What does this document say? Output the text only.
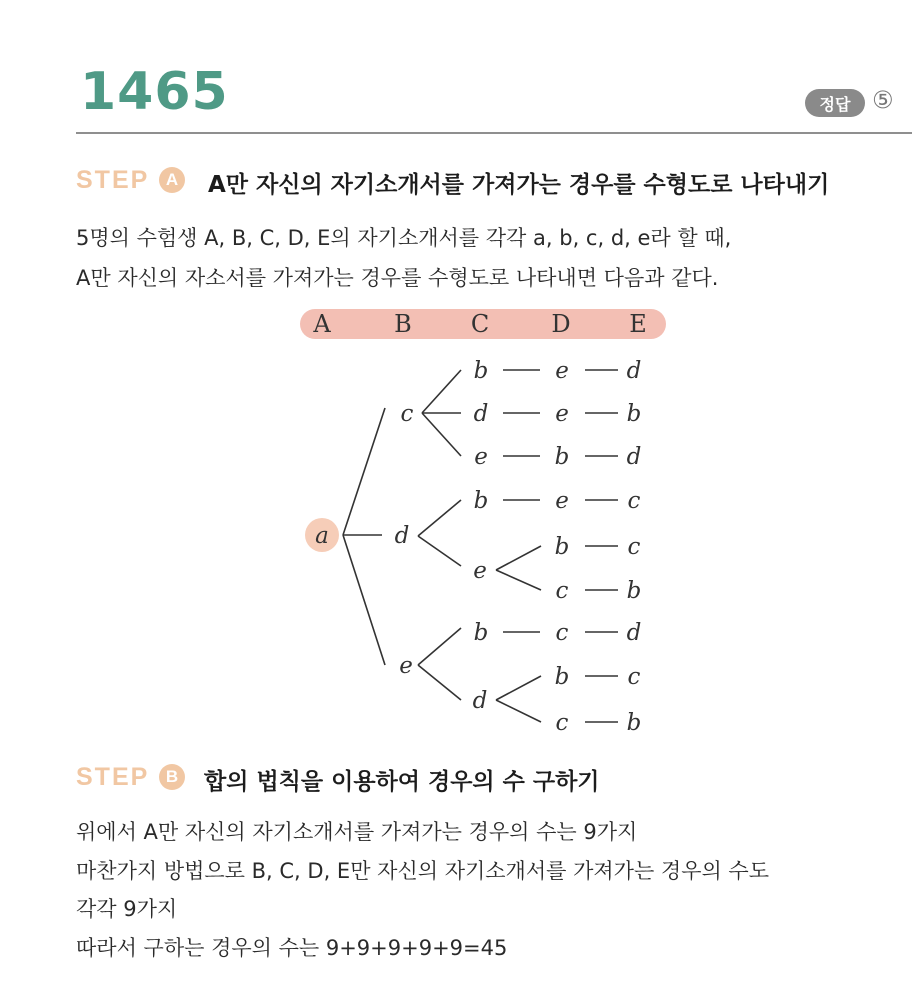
1465	정답 ⑤
STEP A A만 자신의 자기소개서를 가져가는 경우를 수형도로 나타내기
5명의 수험생 A, B, C, D, E의 자기소개서를 각각 a, b, c, d, e라 할 때,
A만 자신의 자소서를 가져가는 경우를 수형도로 나타내면 다음과 같다.
A	B	C	D	E
a
c
d
e
b	e	d
d	e	b
e	b d
b	e	c
e
b	c
c	b
b	c	d
d
b	c
c	b
STEP B 합의 법칙을 이용하여 경우의 수 구하기
위에서 A만 자신의 자기소개서를 가져가는 경우의 수는 9가지
마찬가지 방법으로 B, C, D, E만 자신의 자기소개서를 가져가는 경우의 수도
각각 9가지
따라서 구하는 경우의 수는 9+9+9+9+9=45
